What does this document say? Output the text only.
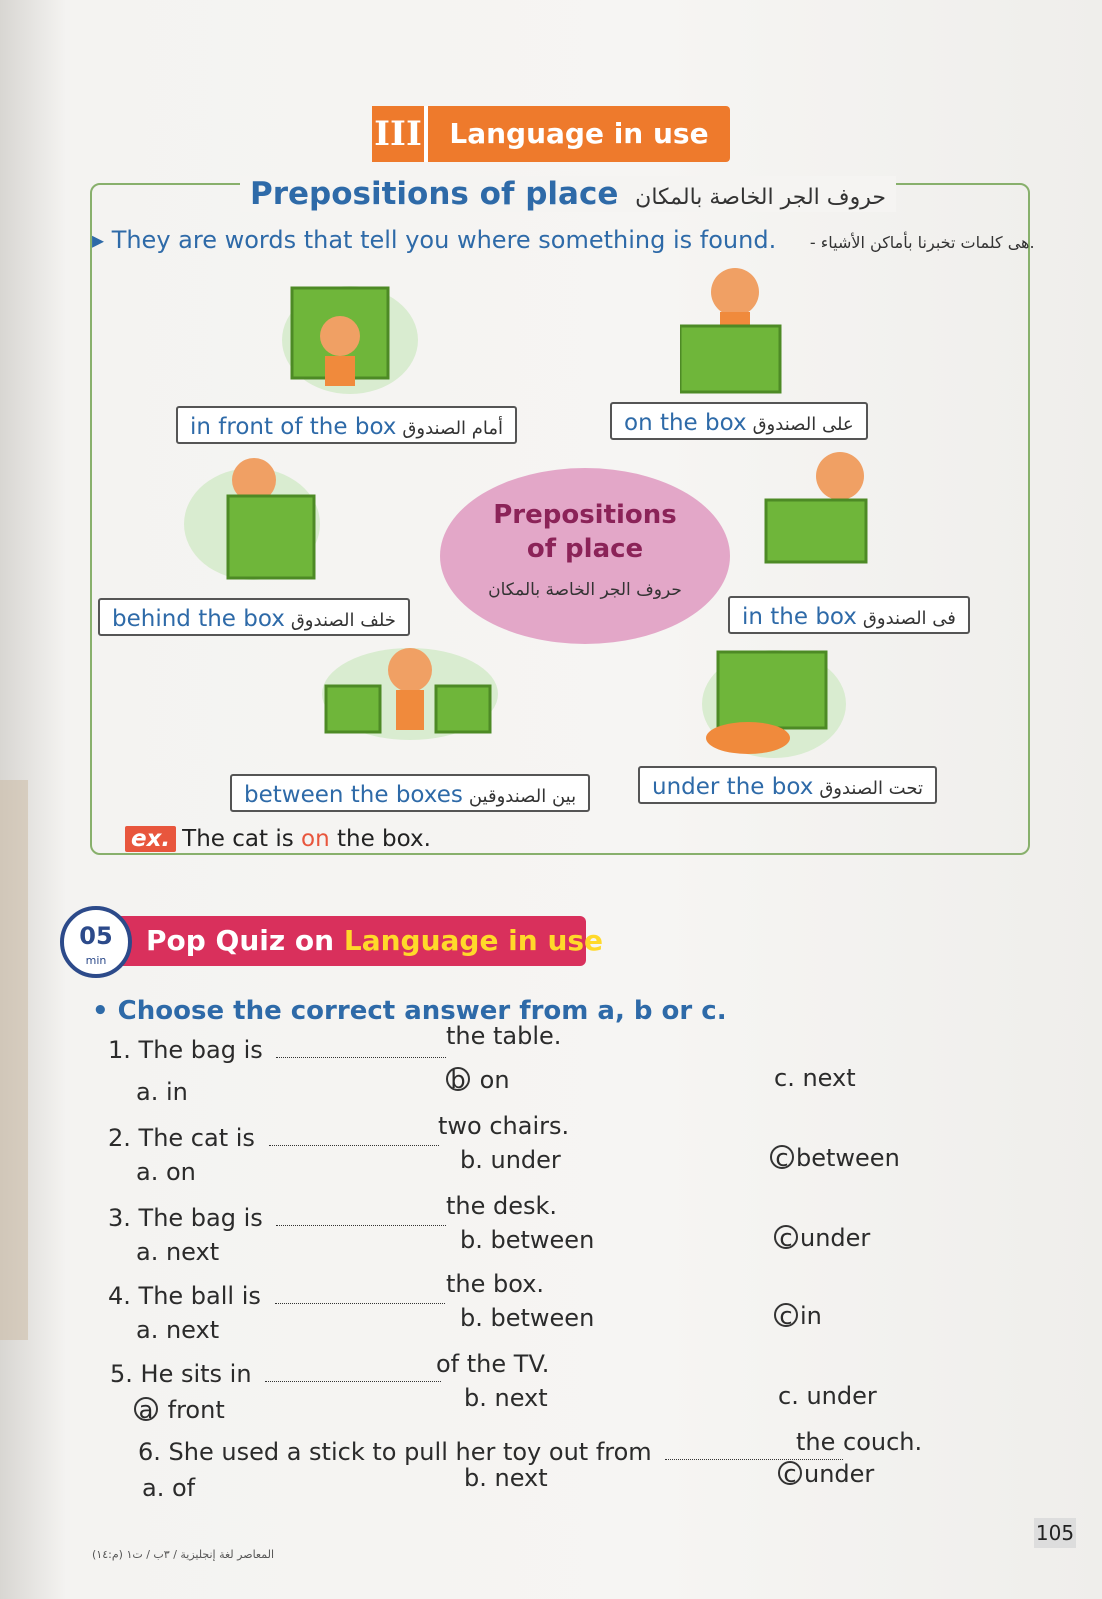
III Language in use
Prepositions of place حروف الجر الخاصة بالمكان
▸ They are words that tell you where something is found. - هى كلمات تخبرنا بأماكن الأشياء.
in front of the box أمام الصندوق	on the box على الصندوق
behind the box خلف الصندوق	in the box فى الصندوق
between the boxes بين الصندوقين	under the box تحت الصندوق
Prepositions
of place
حروف الجر الخاصة بالمكان
ex. The cat is on the box.
05
min
Pop Quiz on Language in use
• Choose the correct answer from a, b or c.
1. The bag is	the table.
a. in	b on	c. next
2. The cat is	two chairs.
a. on	b. under	c between
3. The bag is	the desk.
a. next	b. between	c under
4. The ball is	the box.
a. next	b. between	c in
5. He sits in	of the TV.
a front	b. next	c. under
6. She used a stick to pull her toy out from	the couch.
a. of	b. next	c under
المعاصر لغة إنجليزية / ٣ب / ت١ (م:١٤)
105
